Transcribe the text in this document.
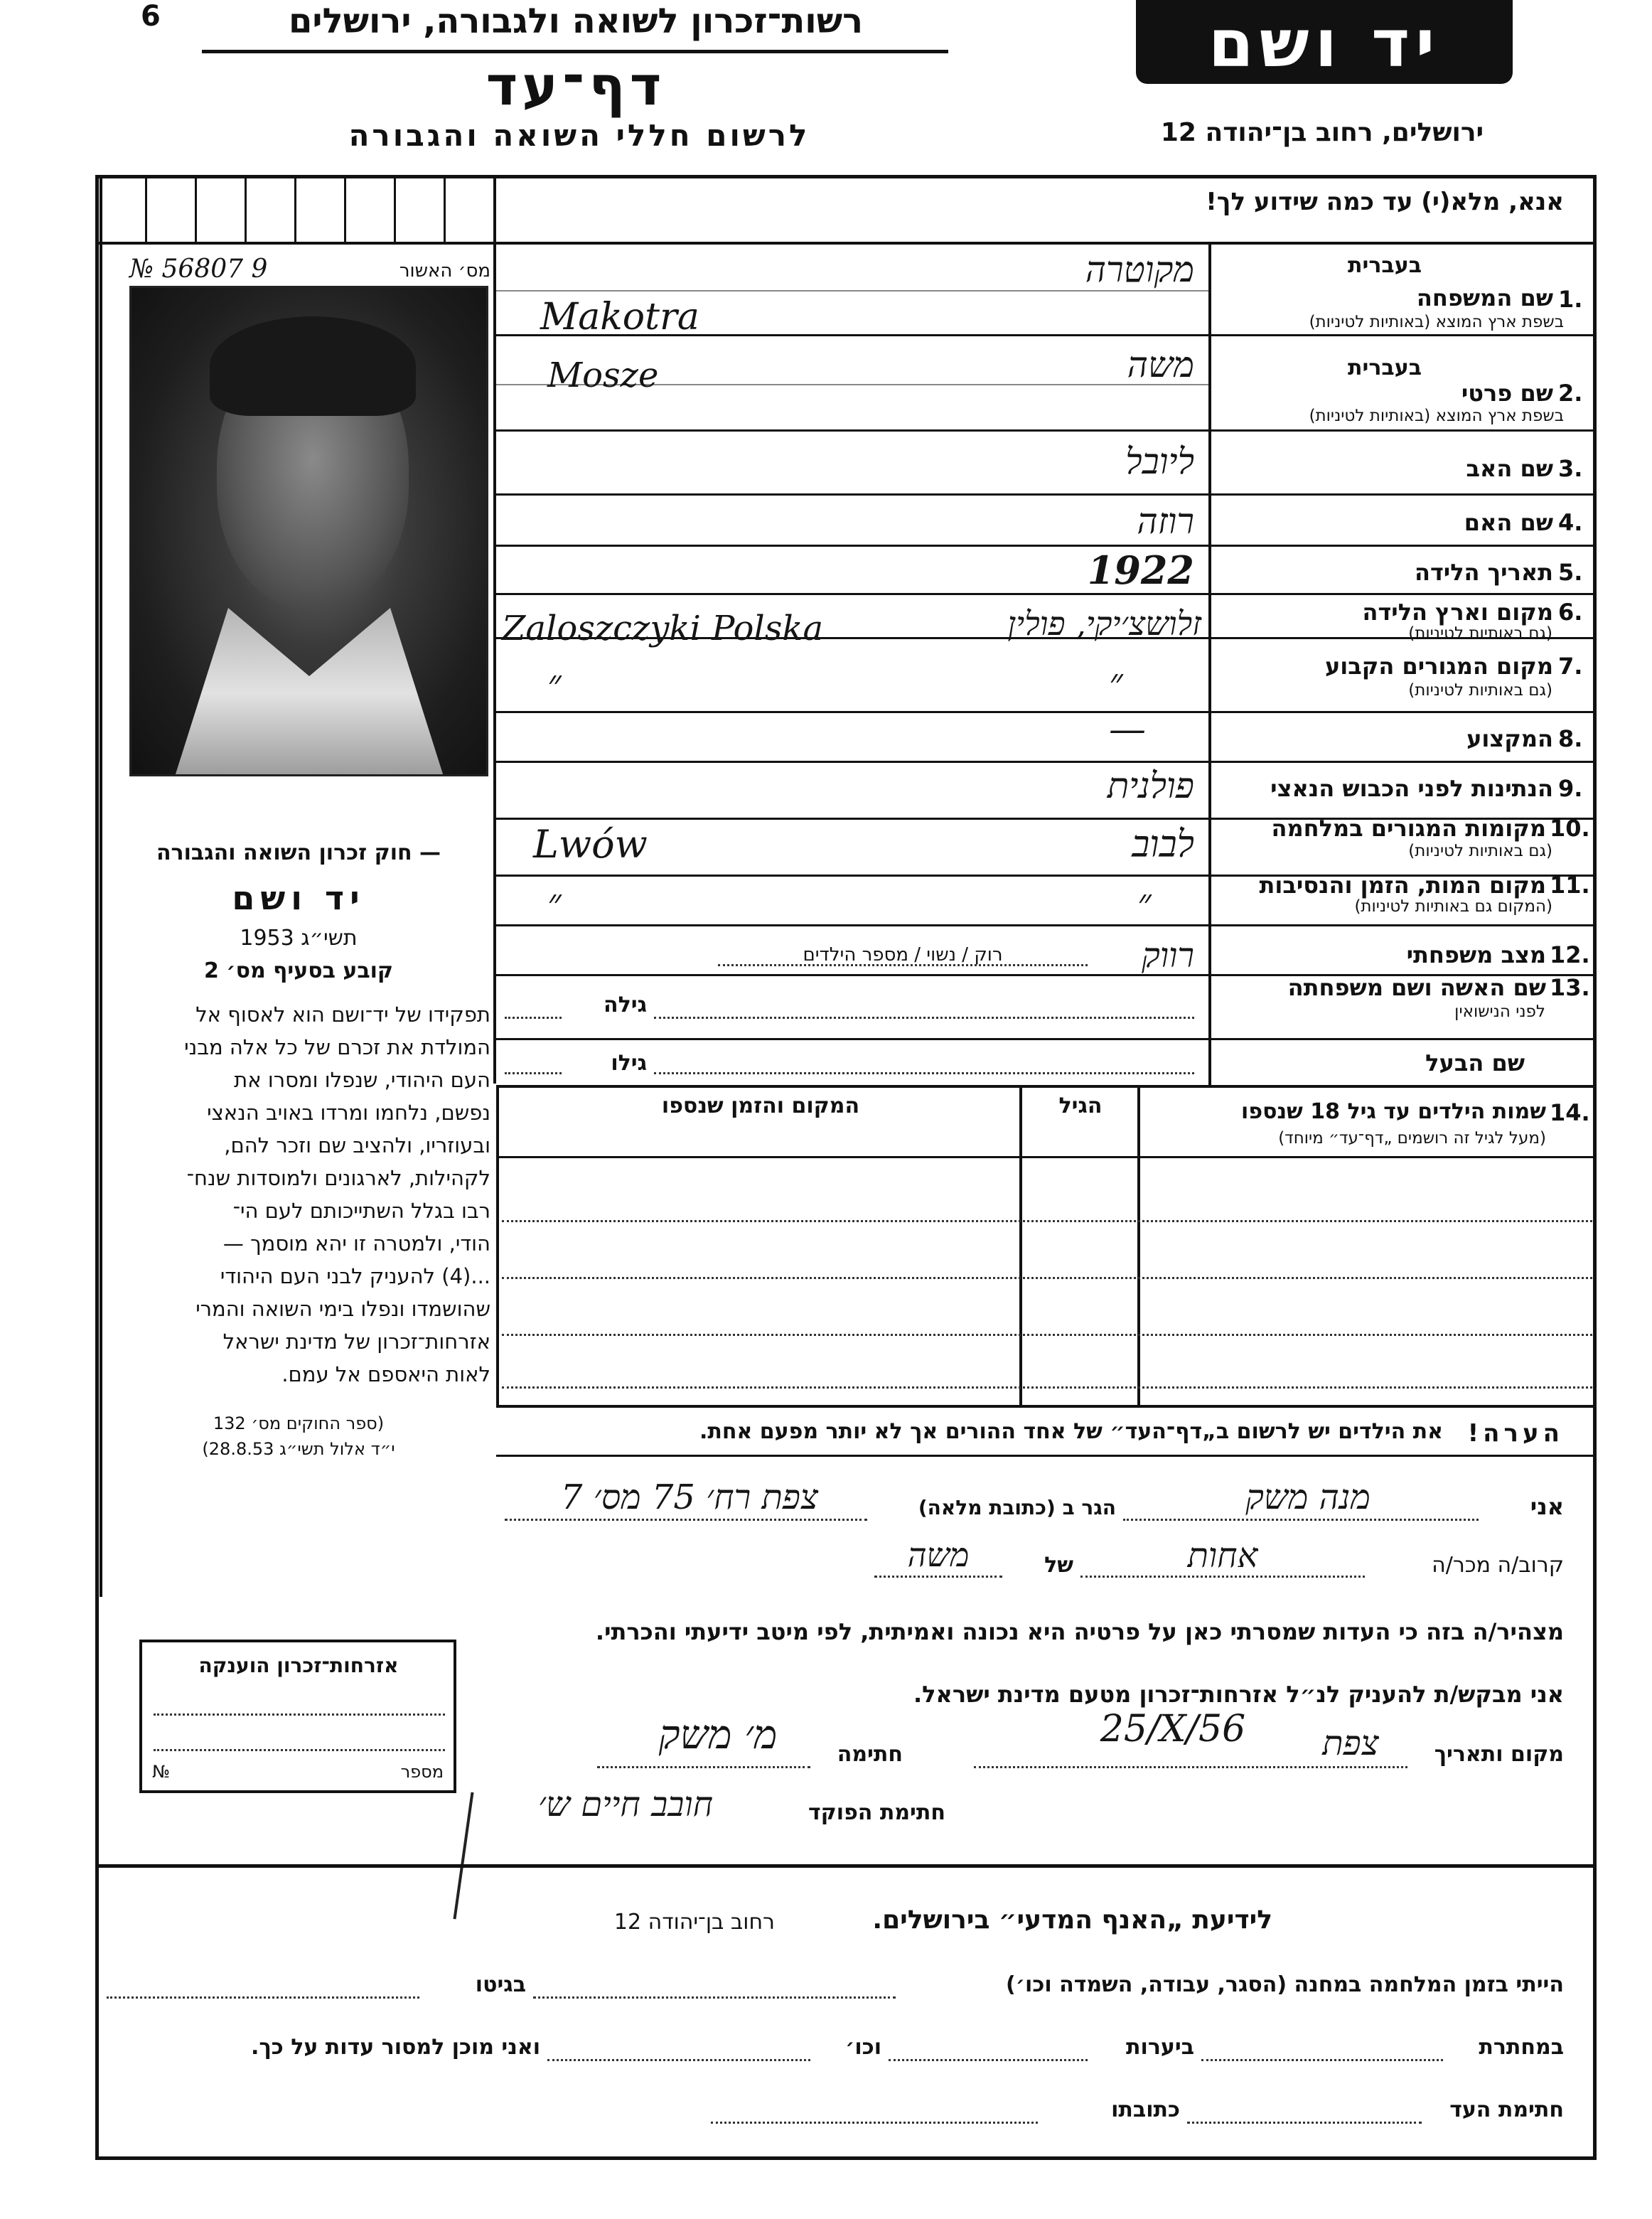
6	רשות־זכרון לשואה ולגבורה, ירושלים
דף־עד
לרשום חללי השואה והגבורה
יד ושם
ירושלים, רחוב בן־יהודה 12
אנא, מלא(י) עד כמה שידוע לך!
מס׳ האשור
№ 56807 9
1.
שם המשפחה
בעברית
בשפת ארץ המוצא (באותיות לטיניות)
מקוטרה
Makotra
2.
שם פרטי
בעברית
בשפת ארץ המוצא (באותיות לטיניות)
משה
Mosze
3.
שם האב
ליובל
4.
שם האם
רוזה
5.
תאריך הלידה
1922
6.
מקום וארץ הלידה
(גם באותיות לטיניות)
זלושצ׳יקי, פולין
Zaloszczyki Polska
7.
מקום המגורים הקבוע
(גם באותיות לטיניות)
״
״
8.
המקצוע
—
9.
הנתינות לפני הכבוש הנאצי
פולנית
10.
מקומות המגורים במלחמה
(גם באותיות לטיניות)
לבוב
Lwów
11.
מקום המות, הזמן והנסיבות
(המקום גם באותיות לטיניות)
״
״
12.
מצב משפחתי
רווק
רוק / נשוי / מספר הילדים
13.
שם האשה ושם משפחתה
לפני הנישואין
גילה
שם הבעל
גילו
14.
שמות הילדים עד גיל 18 שנספו
(מעל לגיל זה רושמים „דף־עד״ מיוחד)
הגיל
המקום והזמן שנספו
הערה!
את הילדים יש לרשום ב„דף־העד״ של אחד ההורים אך לא יותר מפעם אחת.
אני
מנה משק
הגר ב (כתובת מלאה)
צפת רח׳ 75 מס׳ 7
קרוב/ה מכר/ה
אחות
של
משה
מצהיר/ה בזה כי העדות שמסרתי כאן על פרטיה היא נכונה ואמיתית, לפי מיטב ידיעתי והכרתי.
אני מבקש/ת להעניק לנ״ל אזרחות־זכרון מטעם מדינת ישראל.
מקום ותאריך
צפת
25/X/56
חתימה
מ׳ משק
חתימת הפוקד
חובב חיים ש׳
— חוק זכרון השואה והגבורה
יד ושם
תשי״ג 1953
קובע בסעיף מס׳ 2
תפקידו של יד־ושם הוא לאסוף אל
המולדת את זכרם של כל אלה מבני
העם היהודי, שנפלו ומסרו את
נפשם, נלחמו ומרדו באויב הנאצי
ובעוזריו, ולהציב שם וזכר להם,
לקהילות, לארגונים ולמוסדות שנח־
רבו בגלל השתייכותם לעם הי־
הודי, ולמטרה זו יהא מוסמך —
...(4) להעניק לבני העם היהודי
שהושמדו ונפלו בימי השואה והמרי
אזרחות־זכרון של מדינת ישראל
לאות היאספם אל עמם.
(ספר החוקים מס׳ 132
י״ד אלול תשי״ג 28.8.53)
אזרחות־זכרון הוענקה
מספר
№
לידיעת „האנף המדעי״ בירושלים.
רחוב בן־יהודה 12
הייתי בזמן המלחמה במחנה (הסגר, עבודה, השמדה וכו׳)
בגיטו
במחתרת
ביערות
וכו׳
ואני מוכן למסור עדות על כך.
חתימת העד
כתובתו
